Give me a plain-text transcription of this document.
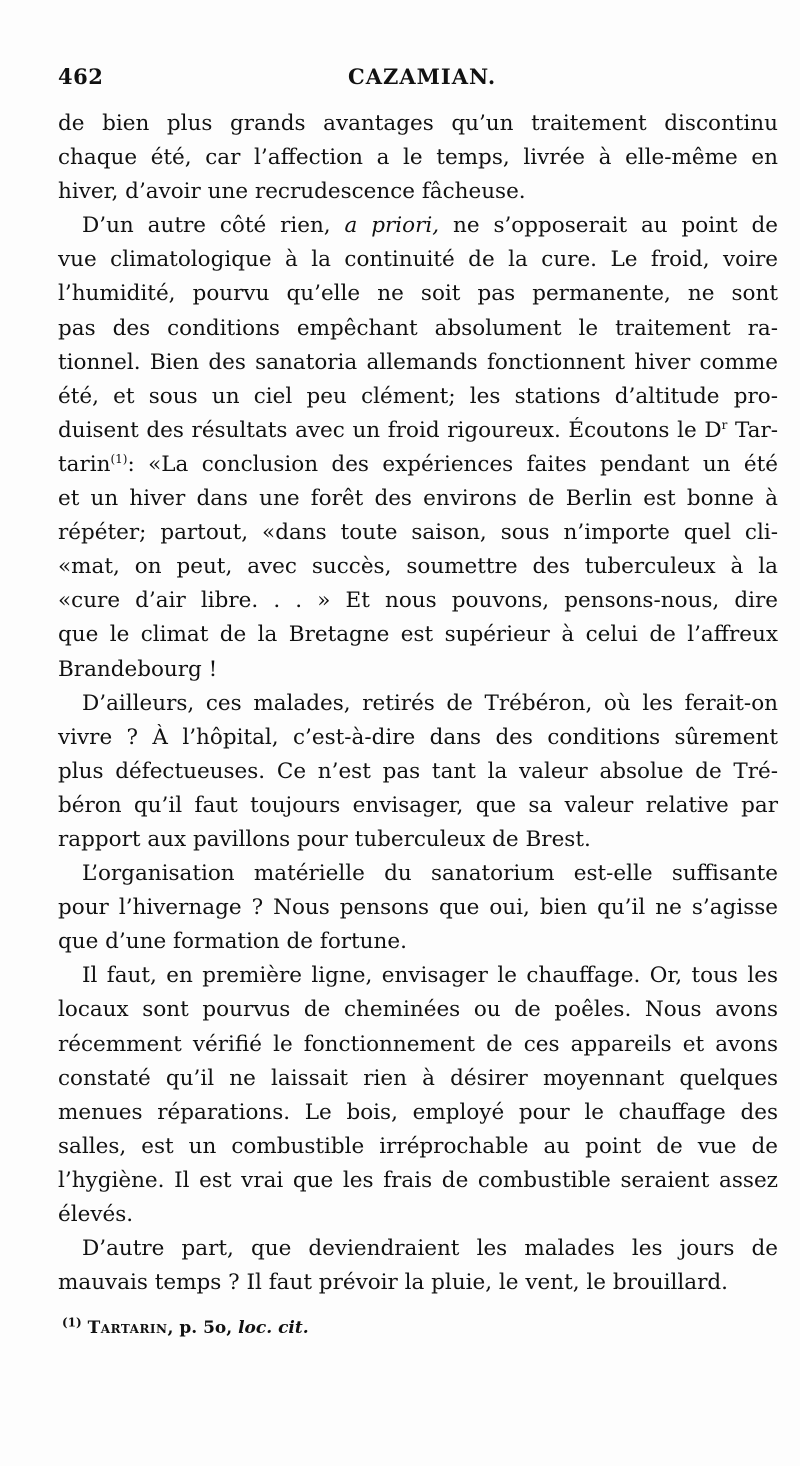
462	CAZAMIAN.

de bien plus grands avantages qu’un traitement discontinu

chaque été, car l’affection a le temps, livrée à elle-même en

hiver, d’avoir une recrudescence fâcheuse.

D’un autre côté rien, a priori, ne s’opposerait au point de

vue climatologique à la continuité de la cure. Le froid, voire

l’humidité, pourvu qu’elle ne soit pas permanente, ne sont

pas des conditions empêchant absolument le traitement ra-

tionnel. Bien des sanatoria allemands fonctionnent hiver comme

été, et sous un ciel peu clément; les stations d’altitude pro-

duisent des résultats avec un froid rigoureux. Écoutons le $D^r$ Tar-

tarin$^{(1)}$: «La conclusion des expériences faites pendant un été

et un hiver dans une forêt des environs de Berlin est bonne à

répéter; partout, «dans toute saison, sous n’importe quel cli-

«mat, on peut, avec succès, soumettre des tuberculeux à la

«cure d’air libre. . . » Et nous pouvons, pensons-nous, dire

que le climat de la Bretagne est supérieur à celui de l’affreux

Brandebourg !

D’ailleurs, ces malades, retirés de Trébéron, où les ferait-on

vivre ? À l’hôpital, c’est-à-dire dans des conditions sûrement

plus défectueuses. Ce n’est pas tant la valeur absolue de Tré-

béron qu’il faut toujours envisager, que sa valeur relative par

rapport aux pavillons pour tuberculeux de Brest.

L’organisation matérielle du sanatorium est-elle suffisante

pour l’hivernage ? Nous pensons que oui, bien qu’il ne s’agisse

que d’une formation de fortune.

Il faut, en première ligne, envisager le chauffage. Or, tous les

locaux sont pourvus de cheminées ou de poêles. Nous avons

récemment vérifié le fonctionnement de ces appareils et avons

constaté qu’il ne laissait rien à désirer moyennant quelques

menues réparations. Le bois, employé pour le chauffage des

salles, est un combustible irréprochable au point de vue de

l’hygiène. Il est vrai que les frais de combustible seraient assez

élevés.

D’autre part, que deviendraient les malades les jours de

mauvais temps ? Il faut prévoir la pluie, le vent, le brouillard.

$^{(1)}$ Tartarin, p. 5o, loc. cit.
